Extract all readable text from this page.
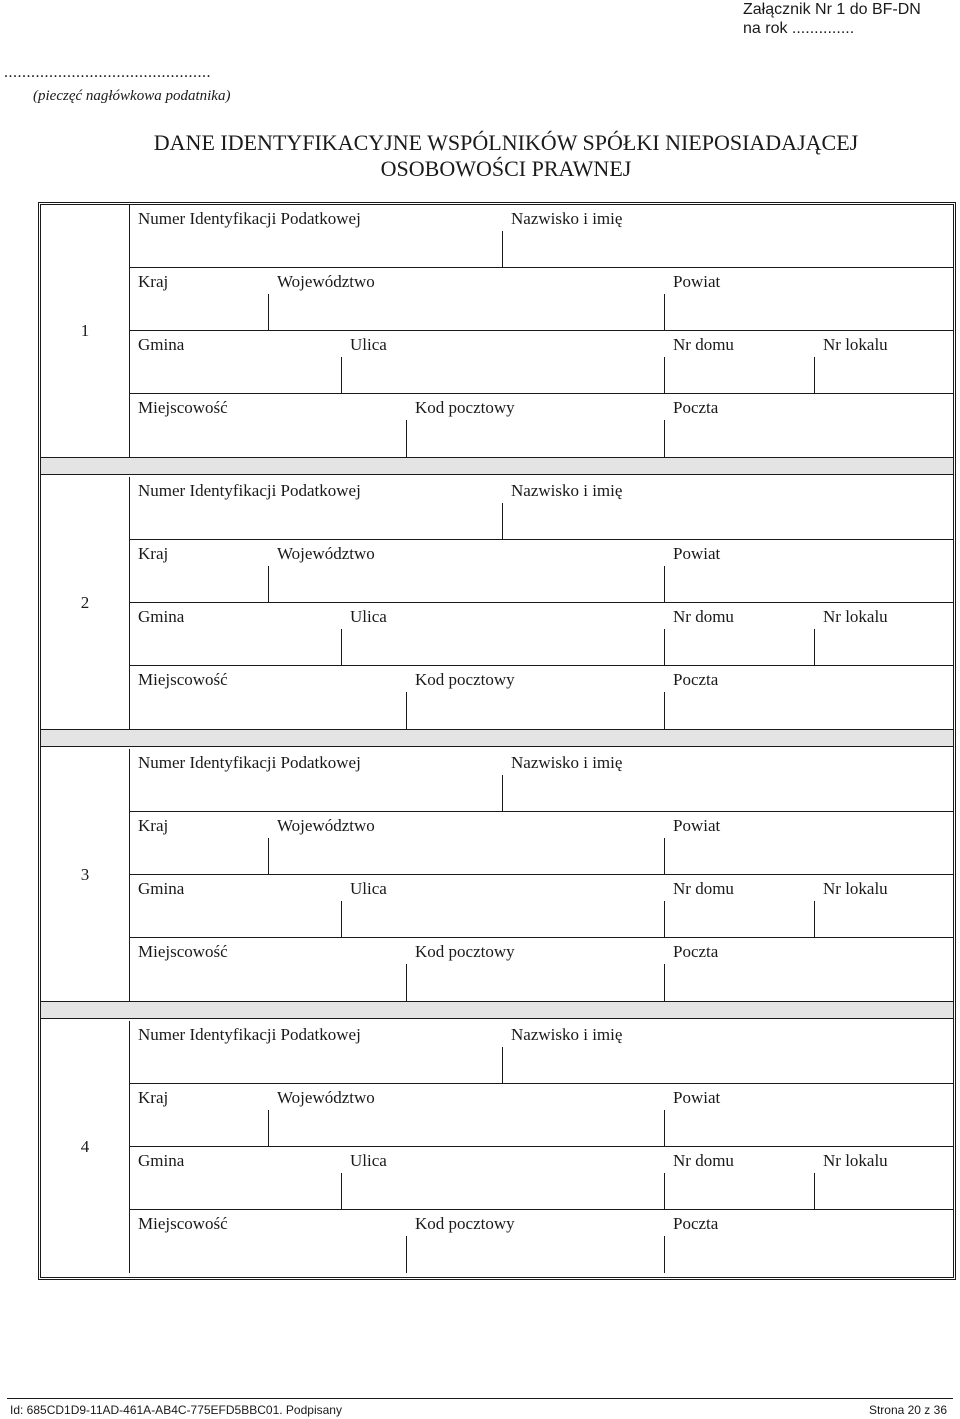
Załącznik Nr 1 do BF-DN
na rok ..............
..............................................
(pieczęć nagłówkowa podatnika)
DANE IDENTYFIKACYJNE WSPÓLNIKÓW SPÓŁKI NIEPOSIADAJĄCEJ
OSOBOWOŚCI PRAWNEJ
1
Numer Identyfikacji Podatkowej	Nazwisko i imię
Kraj	Województwo	Powiat
Gmina	Ulica	Nr domu	Nr lokalu
Miejscowość	Kod pocztowy	Poczta
2
Numer Identyfikacji Podatkowej	Nazwisko i imię
Kraj	Województwo	Powiat
Gmina	Ulica	Nr domu	Nr lokalu
Miejscowość	Kod pocztowy	Poczta
3
Numer Identyfikacji Podatkowej	Nazwisko i imię
Kraj	Województwo	Powiat
Gmina	Ulica	Nr domu	Nr lokalu
Miejscowość	Kod pocztowy	Poczta
4
Numer Identyfikacji Podatkowej	Nazwisko i imię
Kraj	Województwo	Powiat
Gmina	Ulica	Nr domu	Nr lokalu
Miejscowość	Kod pocztowy	Poczta
Id: 685CD1D9-11AD-461A-AB4C-775EFD5BBC01. Podpisany	Strona 20 z 36
